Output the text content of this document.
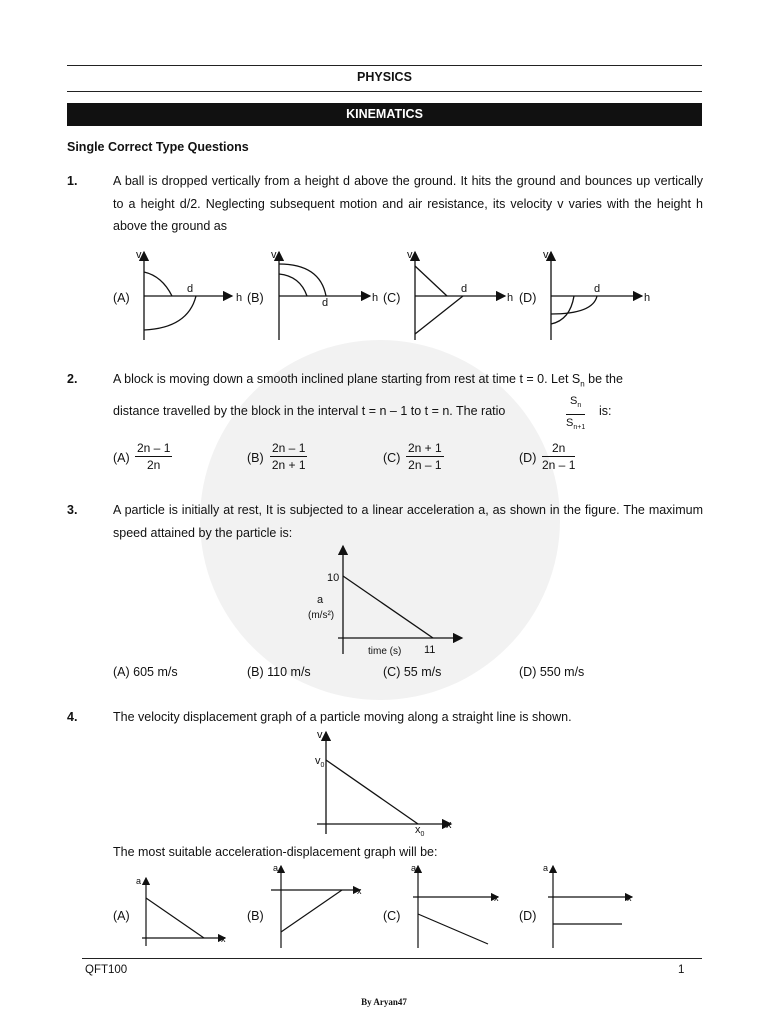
PHYSICS
KINEMATICS
Single Correct Type Questions
1.	A ball is dropped vertically from a height d above the ground. It hits the ground and bounces up vertically to a height d/2. Neglecting subsequent motion and air resistance, its velocity v varies with the height h above the ground as
v
h
d
v
h
d
v
h
d
v
h
d
(A)	(B)	(C)	(D)
2.	A block is moving down a smooth inclined plane starting from rest at time t = 0. Let $S_n$ be the
distance travelled by the block in the interval t = n – 1 to t = n. The ratio	$\frac{S_n}{S_{n+1}}$ is:
$(A) \frac{2n - 1}{2n}$	$(B) \frac{2n - 1}{2n + 1}$	$(C) \frac{2n + 1}{2n - 1}$	$(D) \frac{2n}{2n - 1}$
3.	A particle is initially at rest, It is subjected to a linear acceleration a, as shown in the figure. The maximum speed attained by the particle is:
10
11
a
(m/s²)
time (s)
(A) 605 m/s	(B) 110 m/s	(C) 55 m/s	(D) 550 m/s
4.	The velocity displacement graph of a particle moving along a straight line is shown.
v
$v_0$
x
$x_0$
The most suitable acceleration-displacement graph will be:
a
x
a
x
a
x
a
x
(A)	(B)	(C)	(D)
QFT100	1
By Aryan47
